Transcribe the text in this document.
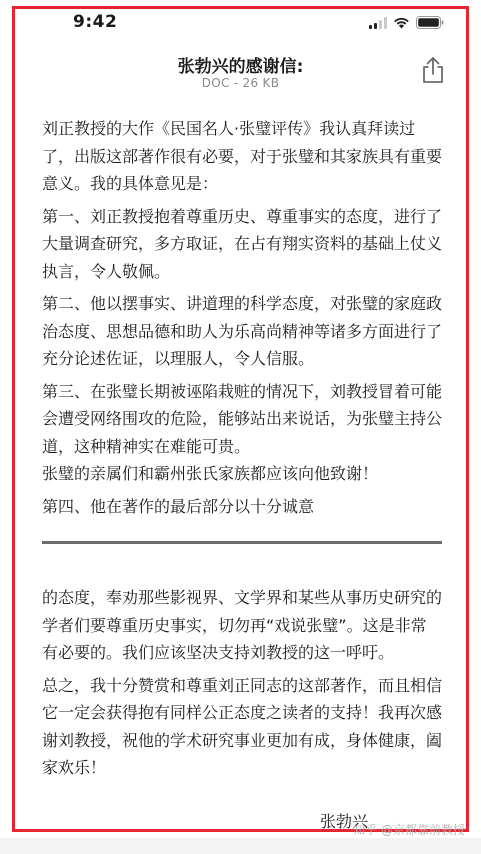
9:42
张勃兴的感谢信:
DOC - 26 KB

刘正教授的大作《民国名人·张璧评传》我认真拜读过了，出版这部著作很有必要，对于张璧和其家族具有重要意义。我的具体意见是：

第一、刘正教授抱着尊重历史、尊重事实的态度，进行了大量调查研究，多方取证，在占有翔实资料的基础上仗义执言，令人敬佩。

第二、他以摆事实、讲道理的科学态度，对张璧的家庭政治态度、思想品德和助人为乐高尚精神等诸多方面进行了充分论述佐证，以理服人，令人信服。

第三、在张璧长期被诬陷栽赃的情况下，刘教授冒着可能会遭受网络围攻的危险，能够站出来说话，为张璧主持公道，这种精神实在难能可贵。

张璧的亲属们和霸州张氏家族都应该向他致谢！

第四、他在著作的最后部分以十分诚意

的态度，奉劝那些影视界、文学界和某些从事历史研究的学者们要尊重历史事实，切勿再“戏说张璧”。这是非常有必要的。我们应该坚决支持刘教授的这一呼吁。

总之，我十分赞赏和尊重刘正同志的这部著作，而且相信它一定会获得抱有同样公正态度之读者的支持！我再次感谢刘教授，祝他的学术研究事业更加有成，身体健康，阖家欢乐！

张勃兴
知乎 @京都靠前教授
